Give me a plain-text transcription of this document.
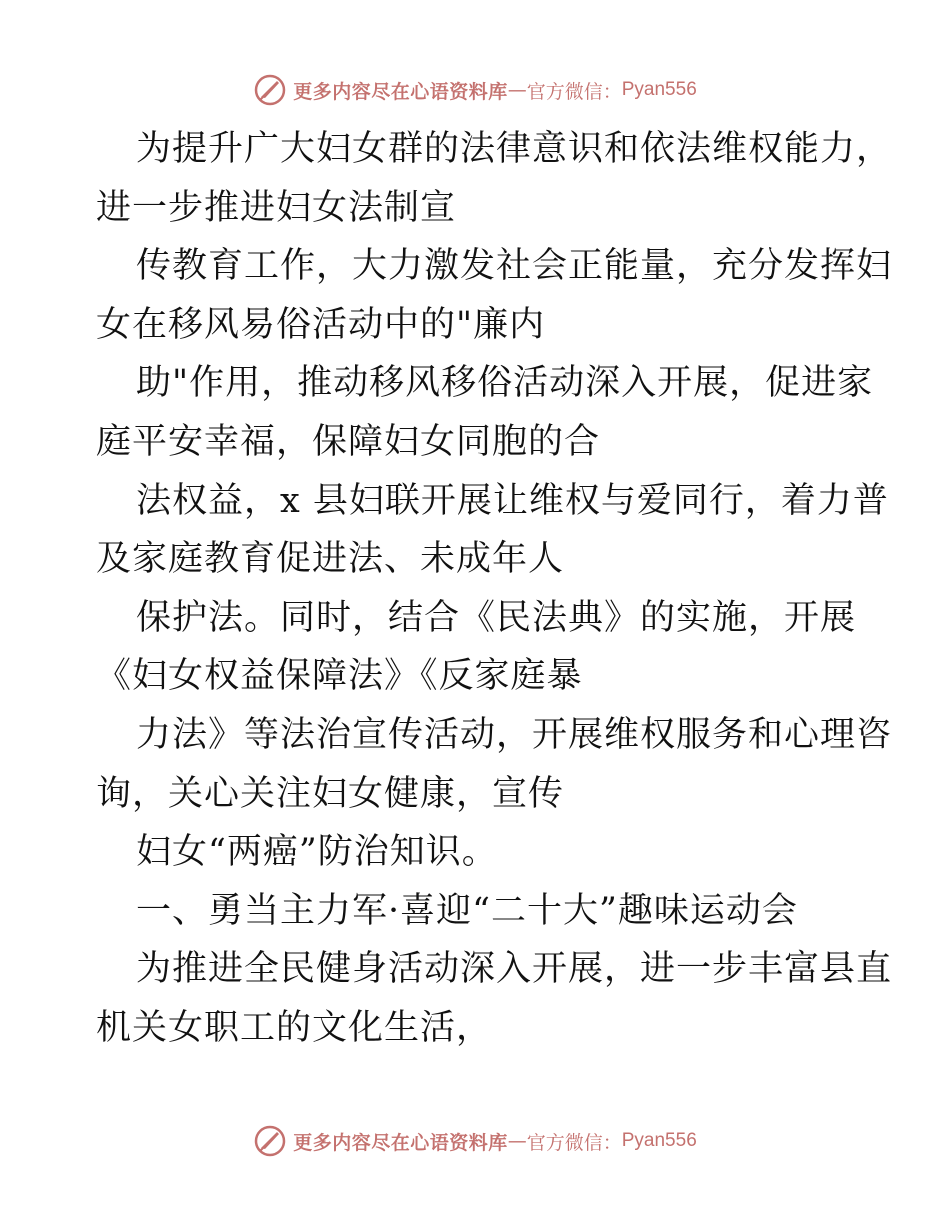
更多内容尽在心语资料库 — 官方微信： Pyan556
为提升广大妇女群的法律意识和依法维权能力，
进一步推进妇女法制宣
传教育工作，大力激发社会正能量，充分发挥妇
女在移风易俗活动中的"廉内
助"作用，推动移风移俗活动深入开展，促进家
庭平安幸福，保障妇女同胞的合
法权益，x 县妇联开展让维权与爱同行，着力普
及家庭教育促进法、未成年人
保护法。同时，结合《民法典》的实施，开展
《妇女权益保障法》《反家庭暴
力法》等法治宣传活动，开展维权服务和心理咨
询，关心关注妇女健康，宣传
妇女“两癌”防治知识。
一、勇当主力军·喜迎“二十大”趣味运动会
为推进全民健身活动深入开展，进一步丰富县直
机关女职工的文化生活，
更多内容尽在心语资料库 — 官方微信： Pyan556
